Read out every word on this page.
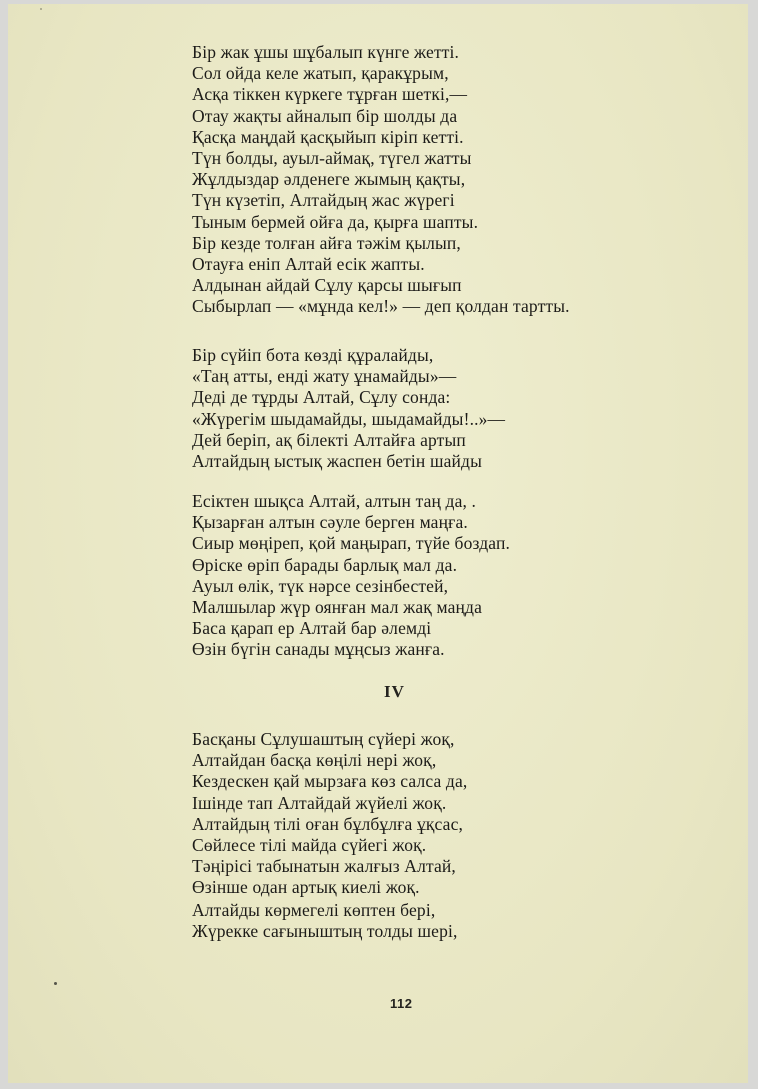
Бір жак ұшы шұбалып күнге жетті.
Сол ойда келе жатып, қаракұрым,
Асқа тіккен күркеге тұрған шеткі,—
Отау жақты айналып бір шолды да
Қасқа маңдай қасқыйып кіріп кетті.
Түн болды, ауыл-аймақ, түгел жатты
Жұлдыздар әлденеге жымың қақты,
Түн күзетіп, Алтайдың жас жүрегі
Тыным бермей ойға да, қырға шапты.
Бір кезде толған айға тәжім қылып,
Отауға еніп Алтай есік жапты.
Алдынан айдай Сұлу қарсы шығып
Сыбырлап — «мұнда кел!» — деп қолдан тартты.
Бір сүйіп бота көзді құралайды,
«Таң атты, енді жату ұнамайды»—
Деді де тұрды Алтай, Сұлу сонда:
«Жүрегім шыдамайды, шыдамайды!..»—
Дей беріп, ақ білекті Алтайға артып
Алтайдың ыстық жаспен бетін шайды
Есіктен шықса Алтай, алтын таң да, .
Қызарған алтын сәуле берген маңға.
Сиыр мөңіреп, қой маңырап, түйе боздап.
Өріске өріп барады барлық мал да.
Ауыл өлік, түк нәрсе сезінбестей,
Малшылар жүр оянған мал жақ маңда
Баса қарап ер Алтай бар әлемді
Өзін бүгін санады мұңсыз жанға.
IV
Басқаны Сұлушаштың сүйері жоқ,
Алтайдан басқа көңілі нері жоқ,
Кездескен қай мырзаға көз салса да,
Ішінде тап Алтайдай жүйелі жоқ.
Алтайдың тілі оған бұлбұлға ұқсас,
Сөйлесе тілі майда сүйегі жоқ.
Тәңірісі табынатын жалғыз Алтай,
Өзінше одан артық киелі жоқ.
Алтайды көрмегелі көптен бері,
Жүрекке сағыныштың толды шері,
112
